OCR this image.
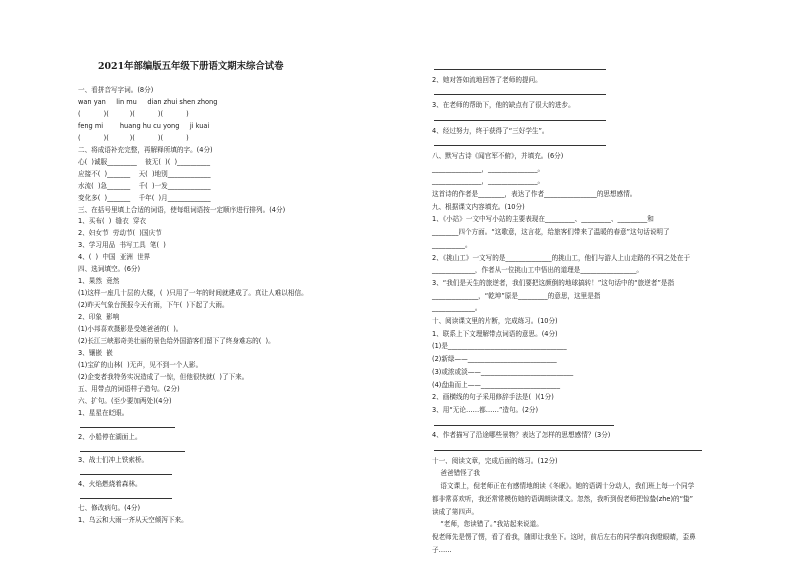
2021年部编版五年级下册语文期末综合试卷
一、看拼音写字词。(8分)
wan yan     lin mu     dian zhui shen zhong
(           )(          )(           )(           )
feng mi        huang hu cu yong     ji kuai
(           )(          )(           )(           )
二、将成语补充完整，再解释所填的字。(4分)
心(  )诚服_________    彼无(  )(  )__________
应接不(  )_______    天(  )地别_____________
水流(  )急_______    千(  )一发_____________
变化多(  )_______    千年(  )月_____________
三、在括号里填上合适的词语，使每组词语按一定顺序进行排列。(4分)
1、买布(  )  缝衣  穿衣
2、妇女节  劳动节(  )国庆节
3、学习用品  书写工具  笔(  )
4、(  )  中国  亚洲  世界
四、选词填空。(6分)
1、果然  竟然
(1)这样一座几十层的大楼，(  )只用了一年的时间就建成了。真让人难以相信。
(2)昨天气象台预报今天有雨，下午(  )下起了大雨。
2、印象  影响
(1)小邦喜欢摄影是受她爸爸的(  )。
(2)长江三峡那奇美壮丽的景色给外国游客们留下了终身难忘的(  )。
3、镶嵌  嵌
(1)宝矿的山林(  )无声，见不到一个人影。
(2)企变者我特务实况造成了一惊，但他很快就(  )了下来。
五、用带点的词语样子造句。(2分)
六、扩句。(至少要加两处)(4分)
1、星星在眨眼。
2、小船停在湖面上。
3、战士们冲上铁索桥。
4、火焰燃烧着森林。
七、修改病句。(4分)
1、乌云和大雨一齐从天空倾泻下来。
2、她对答如流地回答了老师的提问。
3、在老师的帮助下，他的缺点有了很大的进步。
4、经过努力，终于获得了“三好学生”。
八、默写古诗《闻官军不俯》，并填充。(6分)
_______________，_______________。
_______________，_______________。
这首诗的作者是________，表达了作者________________的思想感情。
九、根据课文内容填充。(10分)
1、《小站》一文中写小站的主要表现在_________、_________、_________和
________四个方面。“这歌意，这言花，给旅客们带来了温暖的春意”这句话说明了
__________。
2、《挑山工》一文写的是______________的挑山工，他们与游人上山走路的不同之处在于
_____________，作者从一位挑山工中悟出的道理是_________________。
3、“我们是天生的旅逆者，我们要把这颜倒的地球搞转！”这句话中的“旅逆者”是指
______________，“乾坤”原是_________的意思，这里是指
_____________。
十、阅读课文里的片断，完成练习。(10分)
1、联系上下文理解带点词语的意思。(4分)
(1)是____________________________________
(2)新绿——___________________________
(3)或浓或淡——____________________________
(4)盘曲而上——________________________
2、画横线的句子采用修辞手法是(  )(1分)
3、用“无论……都……”造句。(2分)
4、作者描写了沿途哪些景物？表达了怎样的思想感情？(3分)
十一、阅读文章，完成后面的练习。(12分)
爸爸错怪了我
语文课上，倪老师正在有感情地朗读《冬眠》。她的语调十分动人，我们班上每一个同学
都非常喜欢听，我还常常模仿她的语调朗读课文。忽然，我听到倪老师把惊蛰(zhe)的“蛰”
读成了第四声。
“老师，您读错了。”我站起来说道。
倪老师先是愣了愣，看了看我，随即让我坐下。这时，前后左右的同学都向我瞪眼睛，歪鼻
子……
